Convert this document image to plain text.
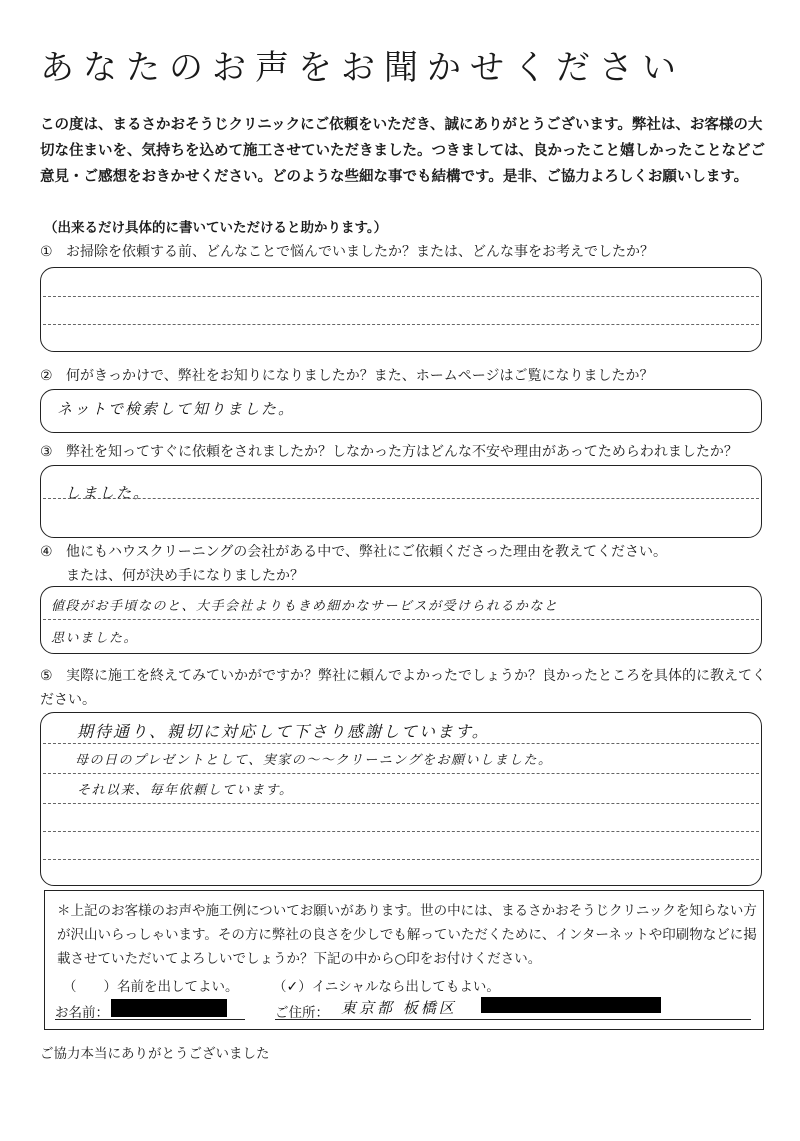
あなたのお声をお聞かせください
この度は、まるさかおそうじクリニックにご依頼をいただき、誠にありがとうございます。弊社は、お客様の大切な住まいを、気持ちを込めて施工させていただきました。つきましては、良かったこと嬉しかったことなどご意見・ご感想をおきかせください。どのような些細な事でも結構です。是非、ご協力よろしくお願いします。
（出来るだけ具体的に書いていただけると助かります。）
① お掃除を依頼する前、どんなことで悩んでいましたか？または、どんな事をお考えでしたか？
② 何がきっかけで、弊社をお知りになりましたか？また、ホームページはご覧になりましたか？
ネットで検索して知りました。
③ 弊社を知ってすぐに依頼をされましたか？しなかった方はどんな不安や理由があってためらわれましたか？
しました。
④ 他にもハウスクリーニングの会社がある中で、弊社にご依頼くださった理由を教えてください。
または、何が決め手になりましたか？
値段がお手頃なのと、大手会社よりもきめ細かなサービスが受けられるかなと
思いました。
⑤ 実際に施工を終えてみていかがですか？弊社に頼んでよかったでしょうか？良かったところを具体的に教えてください。
期待通り、親切に対応して下さり感謝しています。
母の日のプレゼントとして、実家の〜〜クリーニングをお願いしました。
それ以来、毎年依頼しています。
＊上記のお客様のお声や施工例についてお願いがあります。世の中には、まるさかおそうじクリニックを知らない方が沢山いらっしゃいます。その方に弊社の良さを少しでも解っていただくために、インターネットや印刷物などに掲載させていただいてよろしいでしょうか？下記の中から○印をお付けください。
（　　）名前を出してよい。	（✓）イニシャルなら出してもよい。
お名前：	ご住所： 東京都 板橋区
ご協力本当にありがとうございました
